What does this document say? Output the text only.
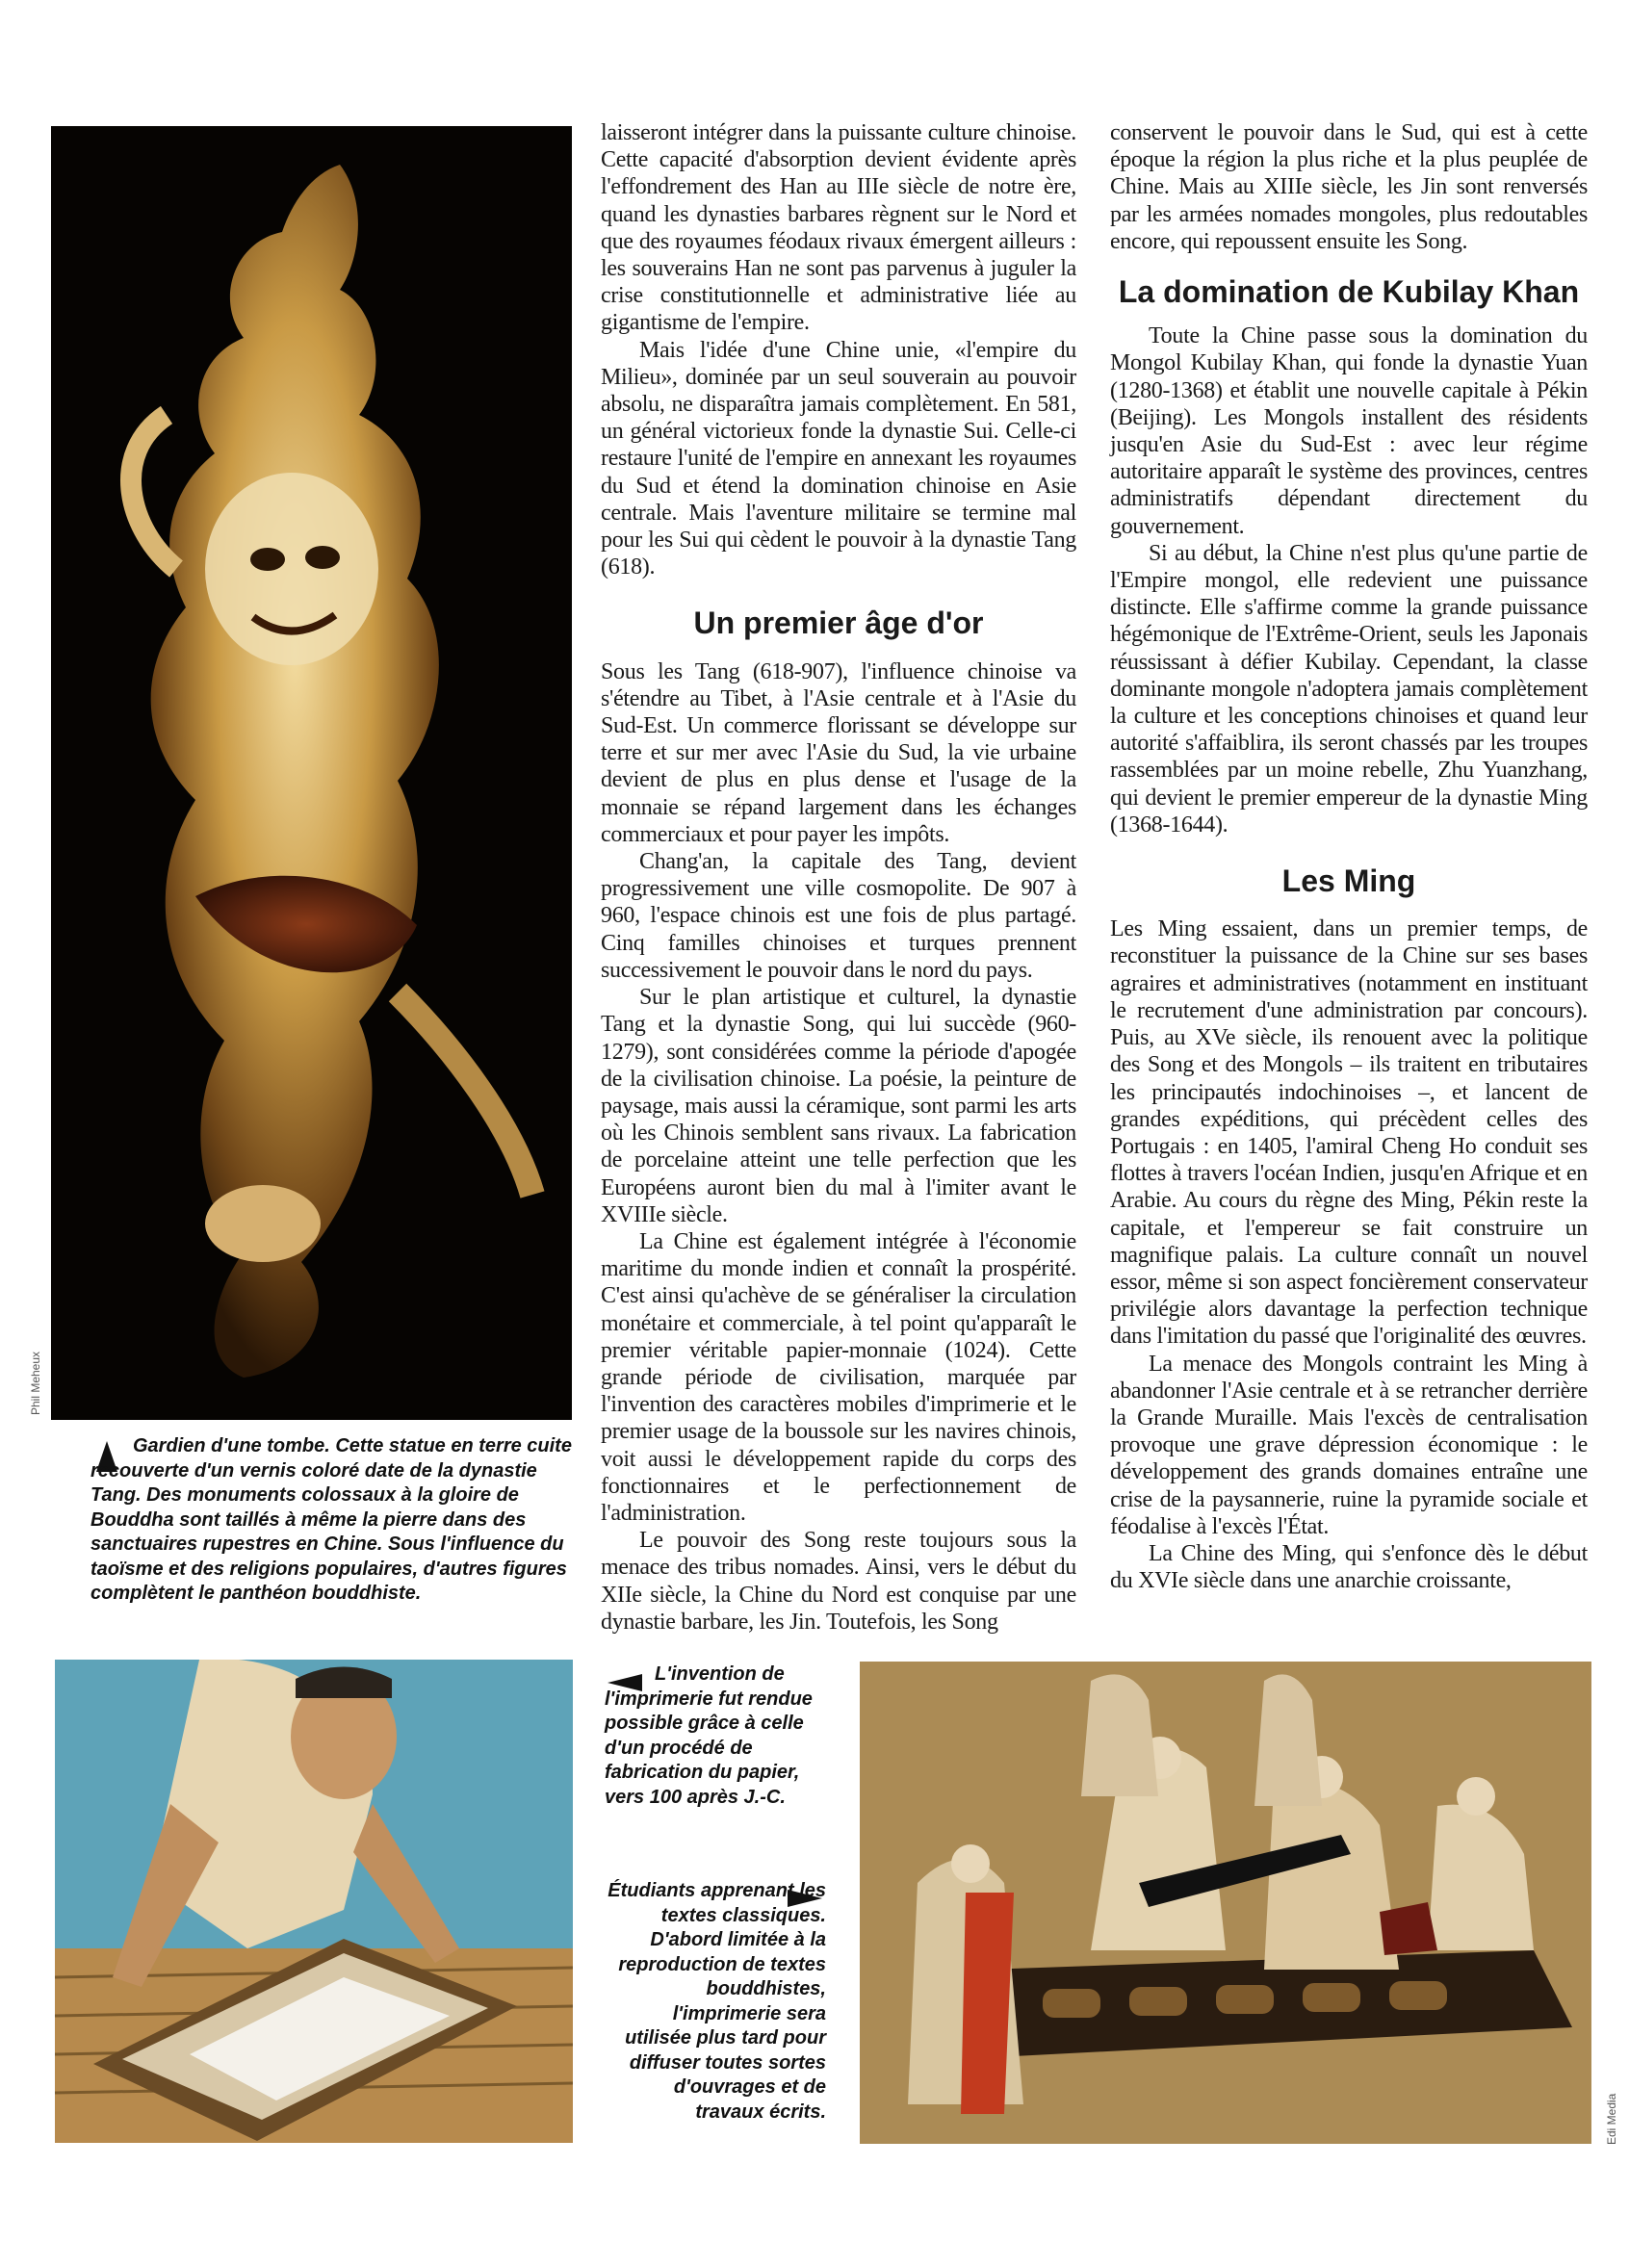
Phil Meheux
Gardien d'une tombe. Cette statue en terre cuite recouverte d'un vernis coloré date de la dynastie Tang. Des monuments colossaux à la gloire de Bouddha sont taillés à même la pierre dans des sanctuaires rupestres en Chine. Sous l'influence du taoïsme et des religions populaires, d'autres figures complètent le panthéon bouddhiste.

laisseront intégrer dans la puissante culture chinoise. Cette capacité d'absorption devient évidente après l'effondrement des Han au IIIe siècle de notre ère, quand les dynasties barbares règnent sur le Nord et que des royaumes féodaux rivaux émergent ailleurs : les souverains Han ne sont pas parvenus à juguler la crise constitutionnelle et administrative liée au gigantisme de l'empire.

Mais l'idée d'une Chine unie, «l'empire du Milieu», dominée par un seul souverain au pouvoir absolu, ne disparaîtra jamais complètement. En 581, un général victorieux fonde la dynastie Sui. Celle-ci restaure l'unité de l'empire en annexant les royaumes du Sud et étend la domination chinoise en Asie centrale. Mais l'aventure militaire se termine mal pour les Sui qui cèdent le pouvoir à la dynastie Tang (618).

Un premier âge d'or

Sous les Tang (618-907), l'influence chinoise va s'étendre au Tibet, à l'Asie centrale et à l'Asie du Sud-Est. Un commerce florissant se développe sur terre et sur mer avec l'Asie du Sud, la vie urbaine devient de plus en plus dense et l'usage de la monnaie se répand largement dans les échanges commerciaux et pour payer les impôts.

Chang'an, la capitale des Tang, devient progressivement une ville cosmopolite. De 907 à 960, l'espace chinois est une fois de plus partagé. Cinq familles chinoises et turques prennent successivement le pouvoir dans le nord du pays.

Sur le plan artistique et culturel, la dynastie Tang et la dynastie Song, qui lui succède (960-1279), sont considérées comme la période d'apogée de la civilisation chinoise. La poésie, la peinture de paysage, mais aussi la céramique, sont parmi les arts où les Chinois semblent sans rivaux. La fabrication de porcelaine atteint une telle perfection que les Européens auront bien du mal à l'imiter avant le XVIIIe siècle.

La Chine est également intégrée à l'économie maritime du monde indien et connaît la prospérité. C'est ainsi qu'achève de se généraliser la circulation monétaire et commerciale, à tel point qu'apparaît le premier véritable papier-monnaie (1024). Cette grande période de civilisation, marquée par l'invention des caractères mobiles d'imprimerie et le premier usage de la boussole sur les navires chinois, voit aussi le développement rapide du corps des fonctionnaires et le perfectionnement de l'administration.

Le pouvoir des Song reste toujours sous la menace des tribus nomades. Ainsi, vers le début du XIIe siècle, la Chine du Nord est conquise par une dynastie barbare, les Jin. Toutefois, les Song

conservent le pouvoir dans le Sud, qui est à cette époque la région la plus riche et la plus peuplée de Chine. Mais au XIIIe siècle, les Jin sont renversés par les armées nomades mongoles, plus redoutables encore, qui repoussent ensuite les Song.

La domination de Kubilay Khan

Toute la Chine passe sous la domination du Mongol Kubilay Khan, qui fonde la dynastie Yuan (1280-1368) et établit une nouvelle capitale à Pékin (Beijing). Les Mongols installent des résidents jusqu'en Asie du Sud-Est : avec leur régime autoritaire apparaît le système des provinces, centres administratifs dépendant directement du gouvernement.

Si au début, la Chine n'est plus qu'une partie de l'Empire mongol, elle redevient une puissance distincte. Elle s'affirme comme la grande puissance hégémonique de l'Extrême-Orient, seuls les Japonais réussissant à défier Kubilay. Cependant, la classe dominante mongole n'adoptera jamais complètement la culture et les conceptions chinoises et quand leur autorité s'affaiblira, ils seront chassés par les troupes rassemblées par un moine rebelle, Zhu Yuanzhang, qui devient le premier empereur de la dynastie Ming (1368-1644).

Les Ming

Les Ming essaient, dans un premier temps, de reconstituer la puissance de la Chine sur ses bases agraires et administratives (notamment en instituant le recrutement d'une administration par concours). Puis, au XVe siècle, ils renouent avec la politique des Song et des Mongols – ils traitent en tributaires les principautés indochinoises –, et lancent de grandes expéditions, qui précèdent celles des Portugais : en 1405, l'amiral Cheng Ho conduit ses flottes à travers l'océan Indien, jusqu'en Afrique et en Arabie. Au cours du règne des Ming, Pékin reste la capitale, et l'empereur se fait construire un magnifique palais. La culture connaît un nouvel essor, même si son aspect foncièrement conservateur privilégie alors davantage la perfection technique dans l'imitation du passé que l'originalité des œuvres.

La menace des Mongols contraint les Ming à abandonner l'Asie centrale et à se retrancher derrière la Grande Muraille. Mais l'excès de centralisation provoque une grave dépression économique : le développement des grands domaines entraîne une crise de la paysannerie, ruine la pyramide sociale et féodalise à l'excès l'État.

La Chine des Ming, qui s'enfonce dès le début du XVIe siècle dans une anarchie croissante,

L'invention de l'imprimerie fut rendue possible grâce à celle d'un procédé de fabrication du papier, vers 100 après J.-C.
Étudiants apprenant les textes classiques. D'abord limitée à la reproduction de textes bouddhistes, l'imprimerie sera utilisée plus tard pour diffuser toutes sortes d'ouvrages et de travaux écrits.	Edi Media
